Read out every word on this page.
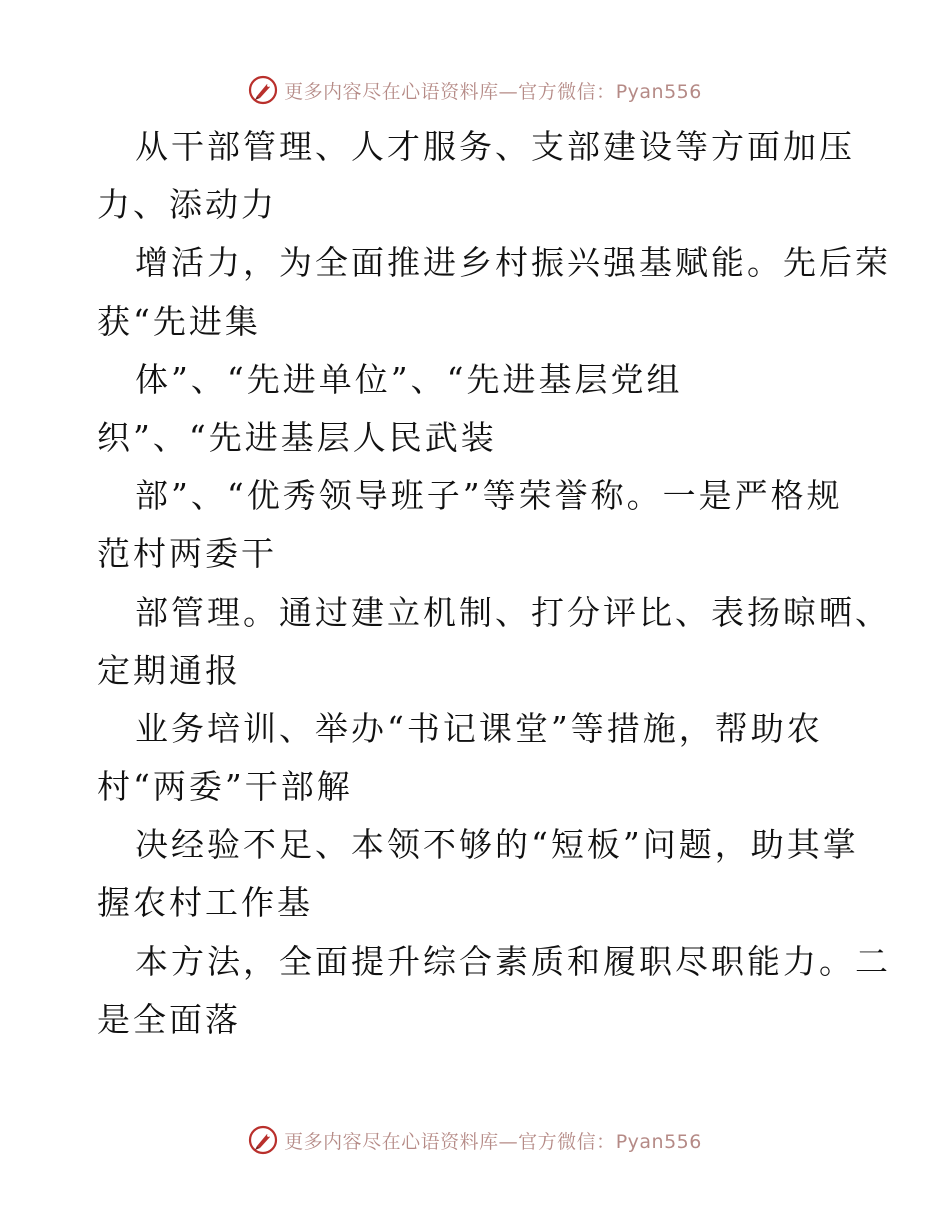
更多内容尽在心语资料库—官方微信：Pyan556
从干部管理、人才服务、支部建设等方面加压
力、添动力
增活力，为全面推进乡村振兴强基赋能。先后荣
获“先进集
体”、“先进单位”、“先进基层党组
织”、“先进基层人民武装
部”、“优秀领导班子”等荣誉称。一是严格规
范村两委干
部管理。通过建立机制、打分评比、表扬晾晒、
定期通报
业务培训、举办“书记课堂”等措施，帮助农
村“两委”干部解
决经验不足、本领不够的“短板”问题，助其掌
握农村工作基
本方法，全面提升综合素质和履职尽职能力。二
是全面落
更多内容尽在心语资料库—官方微信：Pyan556
